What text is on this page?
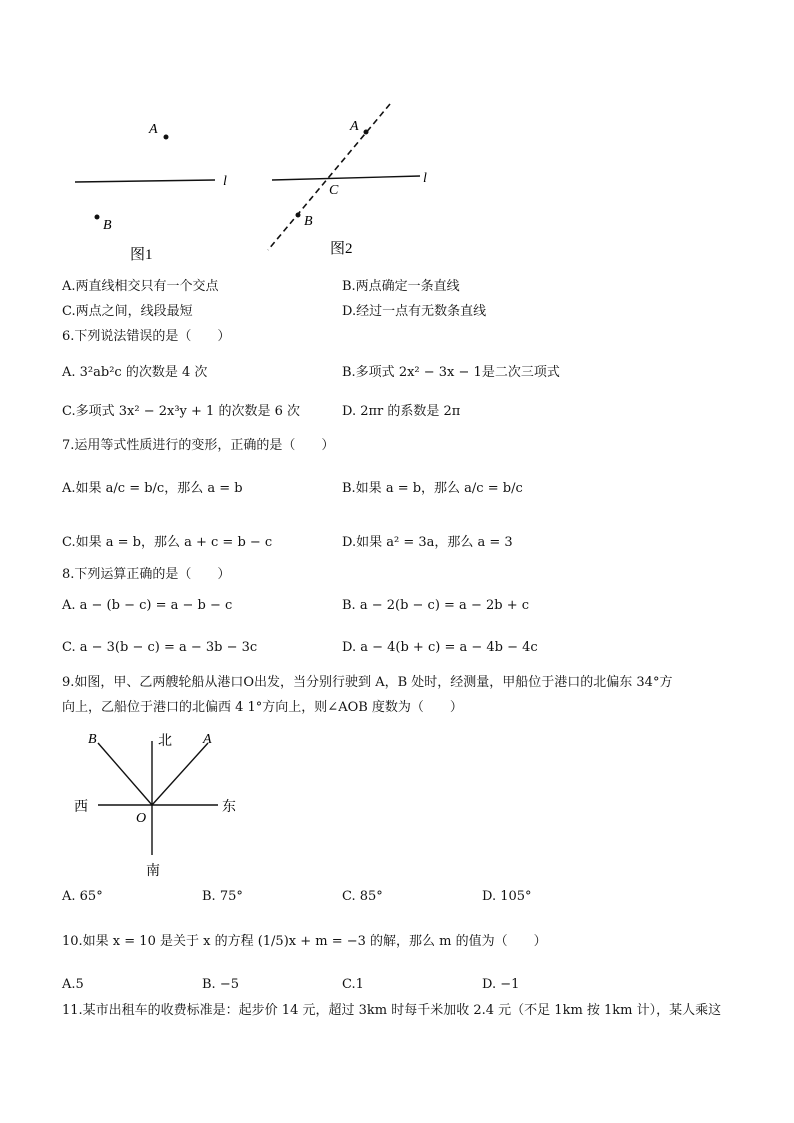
A
l
B
图1
l
A
C
B
图2
A.两直线相交只有一个交点	B.两点确定一条直线
C.两点之间，线段最短	D.经过一点有无数条直线
6.下列说法错误的是（　　）
A. 3²ab²c 的次数是 4 次	B.多项式 2x² − 3x − 1是二次三项式
C.多项式 3x² − 2x³y + 1 的次数是 6 次	D. 2πr 的系数是 2π
7.运用等式性质进行的变形，正确的是（　　）
A.如果 a/c = b/c，那么 a = b	B.如果 a = b，那么 a/c = b/c
C.如果 a = b，那么 a + c = b − c	D.如果 a² = 3a，那么 a = 3
8.下列运算正确的是（　　）
A. a − (b − c) = a − b − c	B. a − 2(b − c) = a − 2b + c
C. a − 3(b − c) = a − 3b − 3c	D. a − 4(b + c) = a − 4b − 4c
9.如图，甲、乙两艘轮船从港口O出发，当分别行驶到 A，B 处时，经测量，甲船位于港口的北偏东 34°方
向上，乙船位于港口的北偏西 4 1°方向上，则∠AOB 度数为（　　）
北
南
东
西
O
A
B
A. 65°	B. 75°	C. 85°	D. 105°
10.如果 x = 10 是关于 x 的方程 (1/5)x + m = −3 的解，那么 m 的值为（　　）
A.5	B. −5	C.1	D. −1
11.某市出租车的收费标准是：起步价 14 元，超过 3km 时每千米加收 2.4 元（不足 1km 按 1km 计），某人乘这
